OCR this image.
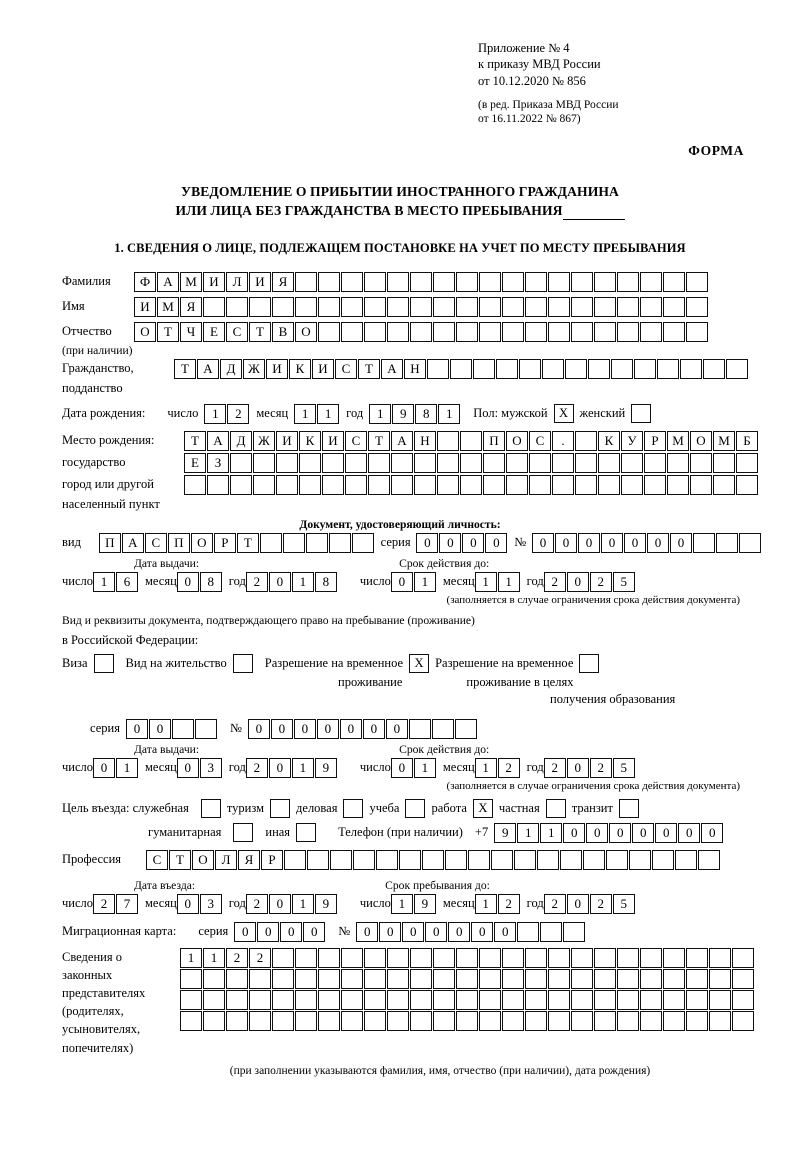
Приложение № 4
к приказу МВД России
от 10.12.2020 № 856
(в ред. Приказа МВД России
от 16.11.2022 № 867)
ФОРМА
УВЕДОМЛЕНИЕ О ПРИБЫТИИ ИНОСТРАННОГО ГРАЖДАНИНА
ИЛИ ЛИЦА БЕЗ ГРАЖДАНСТВА В МЕСТО ПРЕБЫВАНИЯ
1. СВЕДЕНИЯ О ЛИЦЕ, ПОДЛЕЖАЩЕМ ПОСТАНОВКЕ НА УЧЕТ ПО МЕСТУ ПРЕБЫВАНИЯ
Фамилия	Ф	А М И	Л	И	Я
Имя	И М Я
Отчество	О	Т	Ч	Е	С	Т	В	О
(при наличии)
Гражданство,	Т	А	Д Ж И	К	И	С	Т	А	Н
подданство
Дата рождения: число	1	2	месяц	1	1	год	1	9	8	1	Пол: мужской Х женский
Место рождения:	Т	А	Д Ж И	К	И	С	Т	А	Н	П	О	С	.	К	У	Р	М О М	Б
государство	Е	З
город или другой
населенный пункт
Документ, удостоверяющий личность:
вид	П	А	С	П	О	Р	Т	серия	0	0	0	0	№	0	0	0	0	0	0	0
Дата выдачи:	Срок действия до:
число 1	6	месяц 0	8	год 2	0	1	8	число 0	1	месяц 1	1	год 2	0	2	5
(заполняется в случае ограничения срока действия документа)
Вид и реквизиты документа, подтверждающего право на пребывание (проживание)
в Российской Федерации:
Виза	Вид на жительство	Разрешение на временное Х Разрешение на временное
проживание	проживание в целях
получения образования
серия	0	0	№	0	0	0	0	0	0	0
Дата выдачи:	Срок действия до:
число 0	1	месяц 0	3	год 2	0	1	9	число 0	1	месяц 1	2	год 2	0	2	5
(заполняется в случае ограничения срока действия документа)
Цель въезда: служебная	туризм	деловая	учеба	работа Х частная	транзит
гуманитарная	иная	Телефон (при наличии) +7	9	1	1	0	0	0	0	0	0	0
Профессия	С	Т	О	Л	Я	Р
Дата въезда:	Срок пребывания до:
число 2	7	месяц 0	3	год 2	0	1	9	число 1	9	месяц 1	2	год 2	0	2	5
Миграционная карта: серия	0	0	0	0	№	0	0	0	0	0	0	0
Сведения о
законных
представителях
(родителях,
усыновителях,
попечителях)
1	1	2	2
(при заполнении указываются фамилия, имя, отчество (при наличии), дата рождения)
